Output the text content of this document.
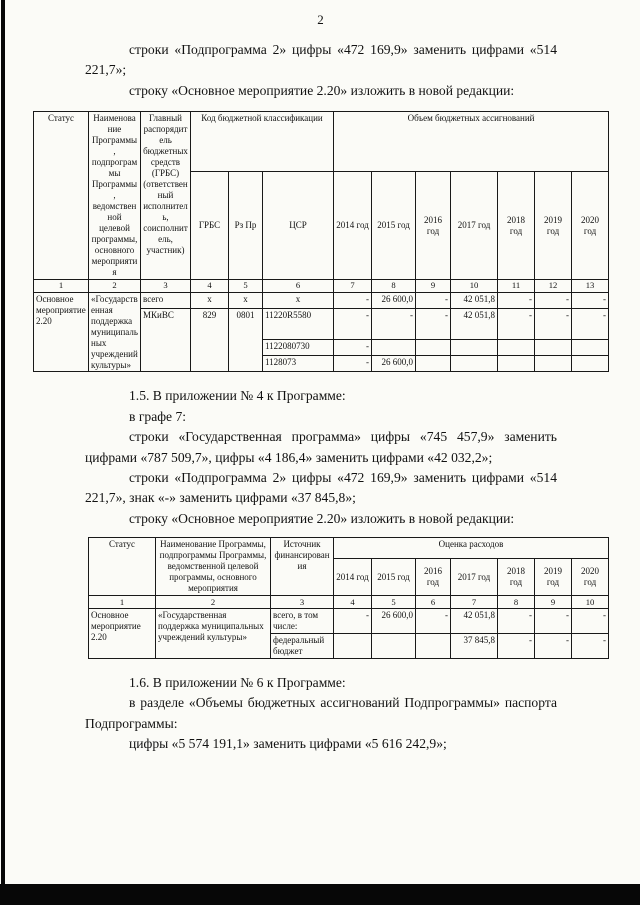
2

строки «Подпрограмма 2» цифры «472 169,9» заменить цифрами «514 221,7»;

строку «Основное мероприятие 2.20» изложить в новой редакции:

Статус	Наименование Программы, подпрограммы Программы, ведомственной целевой программы, основного мероприятия	Главный распорядитель бюджетных средств (ГРБС) (ответственный исполнитель, соисполнитель, участник)	Код бюджетной классификации			Объем бюджетных ассигнований						
			ГРБС	Рз Пр	ЦСР	2014 год	2015 год	2016 год	2017 год	2018 год	2019 год	2020 год
1	2	3	4	5	6	7	8	9	10	11	12	13
Основное мероприятие 2.20	«Государственная поддержка муниципальных учреждений культуры»	всего	х	х	х	-	26 600,0	-	42 051,8	-	-	-
		МКиВС	829	0801	11220R5580	-	-	-	42 051,8	-	-	-
					1122080730	-						
					1128073	-	26 600,0					

1.5. В приложении № 4 к Программе:

в графе 7:

строки «Государственная программа» цифры «745 457,9» заменить цифрами «787 509,7», цифры «4 186,4» заменить цифрами «42 032,2»;

строки «Подпрограмма 2» цифры «472 169,9» заменить цифрами «514 221,7», знак «-» заменить цифрами «37 845,8»;

строку «Основное мероприятие 2.20» изложить в новой редакции:

Статус	Наименование Программы, подпрограммы Программы, ведомственной целевой программы, основного мероприятия	Источник финансирования	Оценка расходов						
			2014 год	2015 год	2016 год	2017 год	2018 год	2019 год	2020 год
1	2	3	4	5	6	7	8	9	10
Основное мероприятие 2.20	«Государственная поддержка муниципальных учреждений культуры»	всего, в том числе:	-	26 600,0	-	42 051,8	-	-	-
		федеральный бюджет				37 845,8	-	-	-

1.6. В приложении № 6 к Программе:

в разделе «Объемы бюджетных ассигнований Подпрограммы» паспорта Подпрограммы:

цифры «5 574 191,1» заменить цифрами «5 616 242,9»;
